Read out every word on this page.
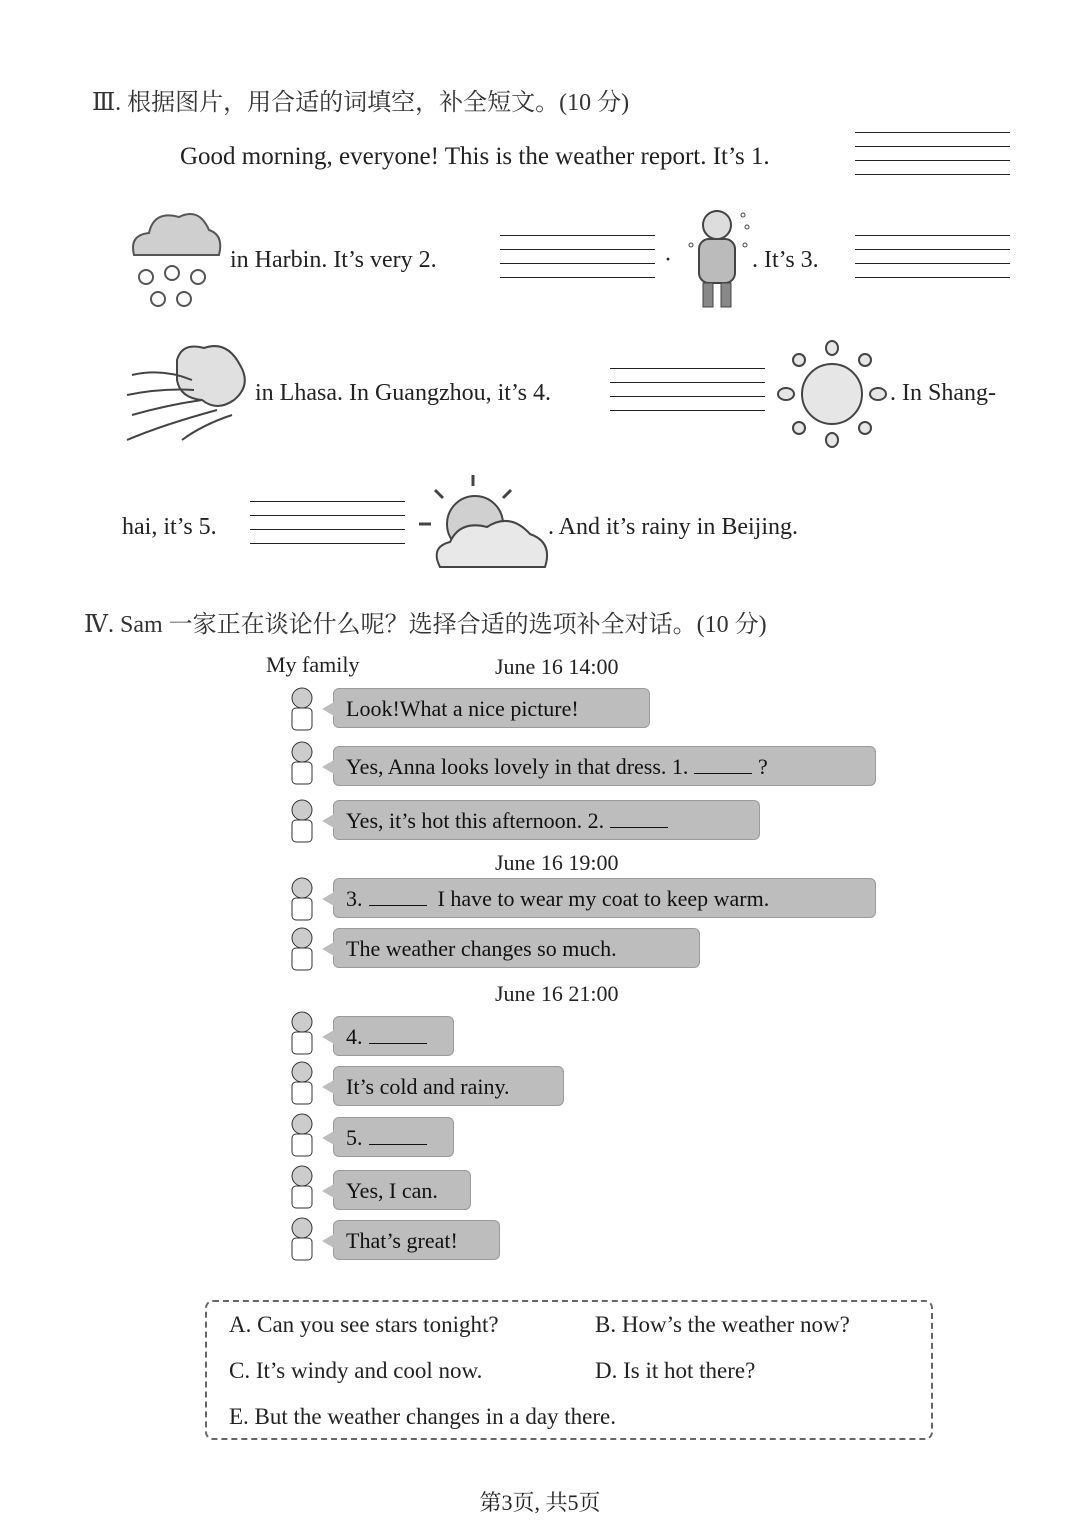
Ⅲ. 根据图片，用合适的词填空，补全短文。(10 分)
Good morning, everyone! This is the weather report. It’s 1.
in Harbin. It’s very 2.	·	. It’s 3.
in Lhasa. In Guangzhou, it’s 4.	. In Shang-
hai, it’s 5.	. And it’s rainy in Beijing.
Ⅳ. Sam 一家正在谈论什么呢？选择合适的选项补全对话。(10 分)
My family	June 16 14:00
Look!What a nice picture!
Yes, Anna looks lovely in that dress. 1.	?
Yes, it’s hot this afternoon. 2.
June 16 19:00
3.	I have to wear my coat to keep warm.
The weather changes so much.
June 16 21:00
4.
It’s cold and rainy.
5.
Yes, I can.
That’s great!
A. Can you see stars tonight?	B. How’s the weather now?
C. It’s windy and cool now.	D. Is it hot there?
E. But the weather changes in a day there.
第3页, 共5页
